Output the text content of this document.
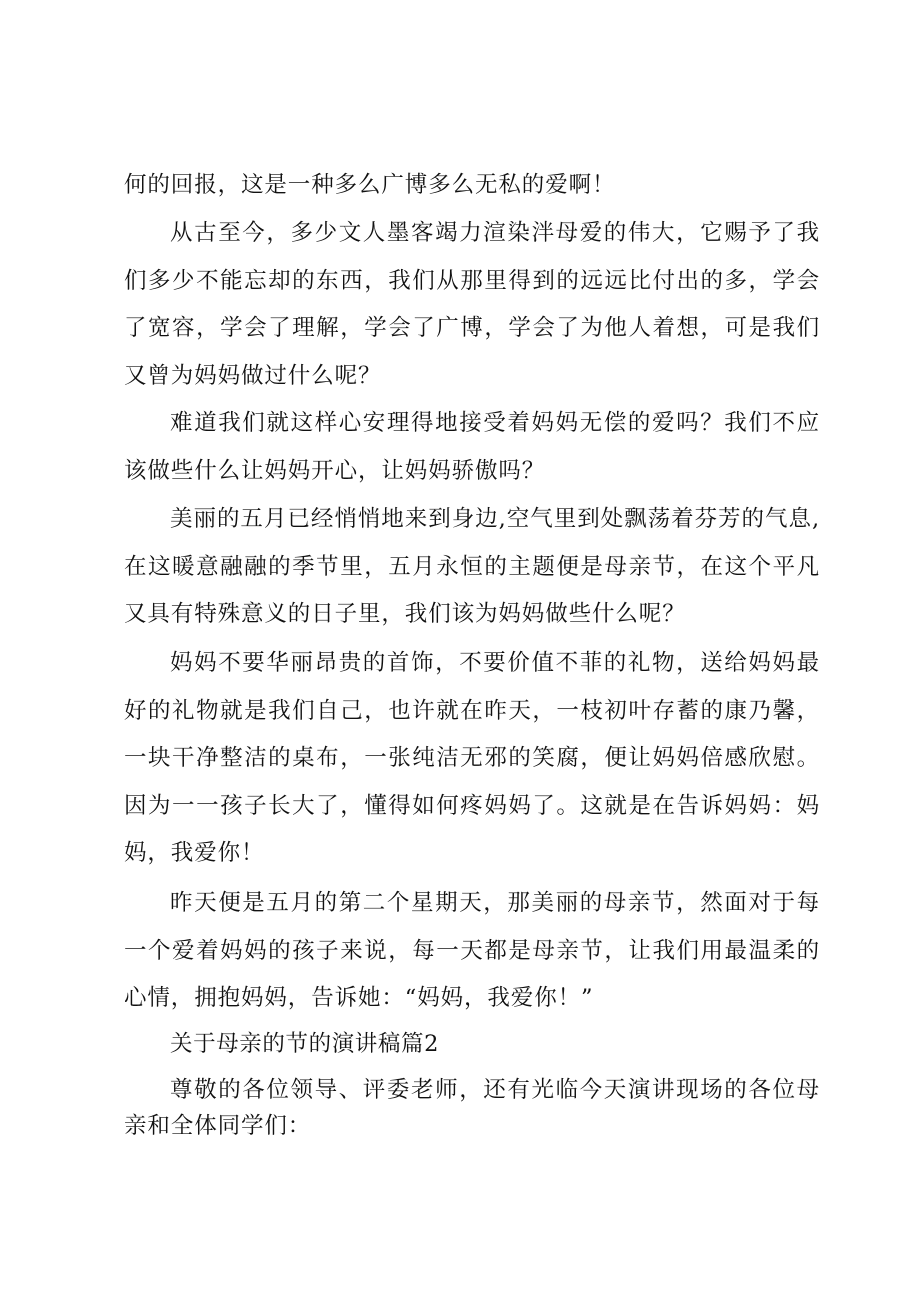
何的回报，这是一种多么广博多么无私的爱啊！

从古至今，多少文人墨客竭力渲染泮母爱的伟大，它赐予了我们多少不能忘却的东西，我们从那里得到的远远比付出的多，学会了宽容，学会了理解，学会了广博，学会了为他人着想，可是我们又曾为妈妈做过什么呢？

难道我们就这样心安理得地接受着妈妈无偿的爱吗？我们不应该做些什么让妈妈开心，让妈妈骄傲吗？

美丽的五月已经悄悄地来到身边,空气里到处飘荡着芬芳的气息,在这暖意融融的季节里，五月永恒的主题便是母亲节，在这个平凡又具有特殊意义的日子里，我们该为妈妈做些什么呢？

妈妈不要华丽昂贵的首饰，不要价值不菲的礼物，送给妈妈最好的礼物就是我们自己，也许就在昨天，一枝初叶存蓄的康乃馨，一块干净整洁的桌布，一张纯洁无邪的笑腐，便让妈妈倍感欣慰。因为一一孩子长大了，懂得如何疼妈妈了。这就是在告诉妈妈：妈妈，我爱你！

昨天便是五月的第二个星期天，那美丽的母亲节，然面对于每一个爱着妈妈的孩子来说，每一天都是母亲节，让我们用最温柔的心情，拥抱妈妈，告诉她：“妈妈，我爱你！”

关于母亲的节的演讲稿篇2

尊敬的各位领导、评委老师，还有光临今天演讲现场的各位母亲和全体同学们：
